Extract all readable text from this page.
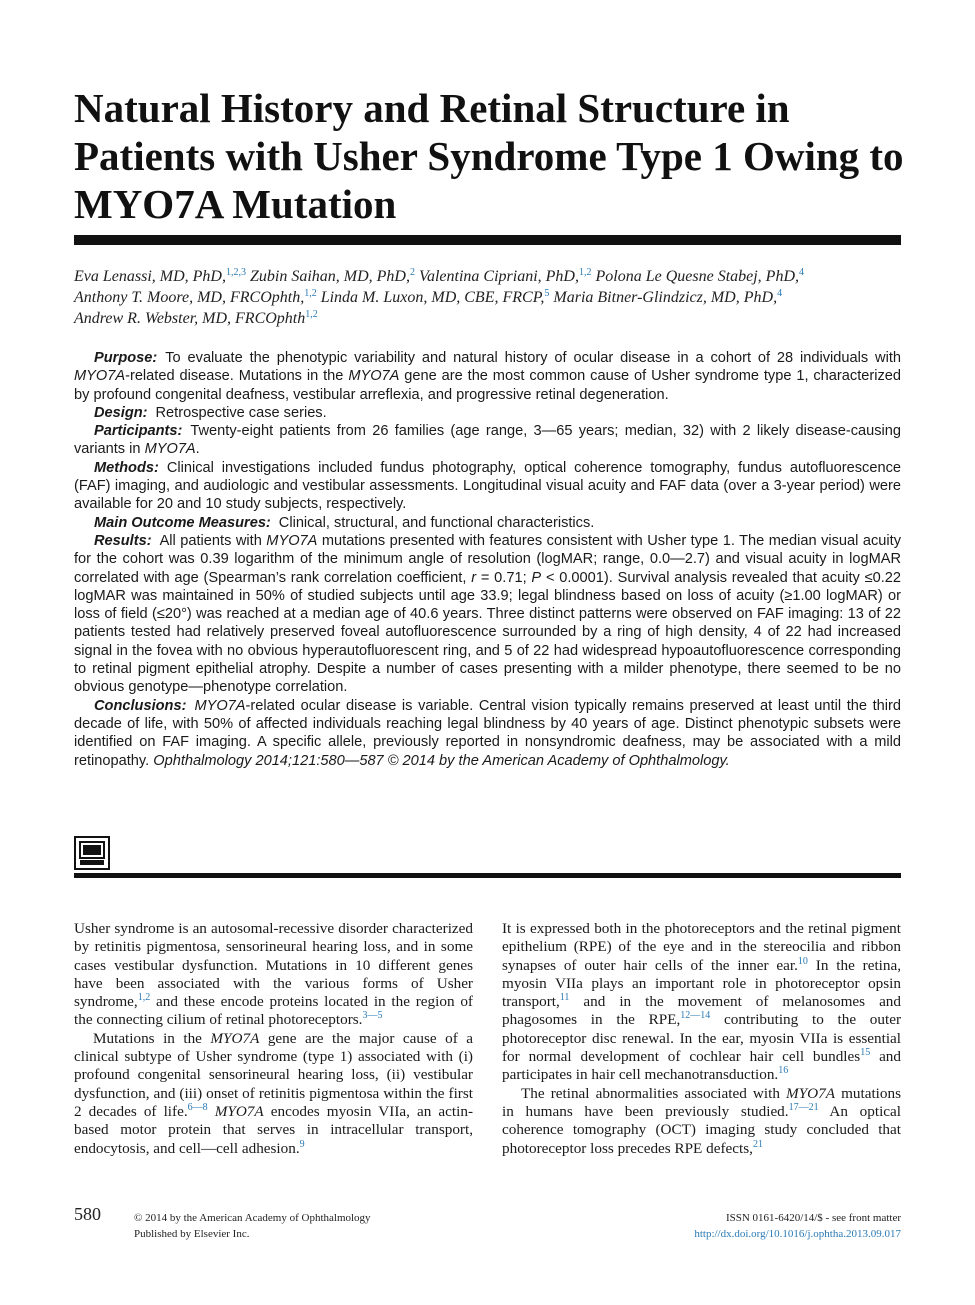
Natural History and Retinal Structure in Patients with Usher Syndrome Type 1 Owing to MYO7A Mutation
Eva Lenassi, MD, PhD,$^{1,2,3}$ Zubin Saihan, MD, PhD,$^2$ Valentina Cipriani, PhD,$^{1,2}$ Polona Le Quesne Stabej, PhD,$^4$ Anthony T. Moore, MD, FRCOphth,$^{1,2}$ Linda M. Luxon, MD, CBE, FRCP,$^5$ Maria Bitner-Glindzicz, MD, PhD,$^4$ Andrew R. Webster, MD, FRCOphth$^{1,2}$

Purpose: To evaluate the phenotypic variability and natural history of ocular disease in a cohort of 28 individuals with MYO7A-related disease. Mutations in the MYO7A gene are the most common cause of Usher syndrome type 1, characterized by profound congenital deafness, vestibular arreflexia, and progressive retinal degeneration.

Design: Retrospective case series.

Participants: Twenty-eight patients from 26 families (age range, 3—65 years; median, 32) with 2 likely disease-causing variants in MYO7A.

Methods: Clinical investigations included fundus photography, optical coherence tomography, fundus autofluorescence (FAF) imaging, and audiologic and vestibular assessments. Longitudinal visual acuity and FAF data (over a 3-year period) were available for 20 and 10 study subjects, respectively.

Main Outcome Measures: Clinical, structural, and functional characteristics.

Results: All patients with MYO7A mutations presented with features consistent with Usher type 1. The median visual acuity for the cohort was 0.39 logarithm of the minimum angle of resolution (logMAR; range, 0.0—2.7) and visual acuity in logMAR correlated with age (Spearman’s rank correlation coefficient, r = 0.71; P < 0.0001). Survival analysis revealed that acuity ≤0.22 logMAR was maintained in 50% of studied subjects until age 33.9; legal blindness based on loss of acuity (≥1.00 logMAR) or loss of field (≤20°) was reached at a median age of 40.6 years. Three distinct patterns were observed on FAF imaging: 13 of 22 patients tested had relatively preserved foveal autofluorescence surrounded by a ring of high density, 4 of 22 had increased signal in the fovea with no obvious hyperautofluorescent ring, and 5 of 22 had widespread hypoautofluorescence corresponding to retinal pigment epithelial atrophy. Despite a number of cases presenting with a milder phenotype, there seemed to be no obvious genotype—phenotype correlation.

Conclusions: MYO7A-related ocular disease is variable. Central vision typically remains preserved at least until the third decade of life, with 50% of affected individuals reaching legal blindness by 40 years of age. Distinct phenotypic subsets were identified on FAF imaging. A specific allele, previously reported in nonsyndromic deafness, may be associated with a mild retinopathy. Ophthalmology 2014;121:580—587 © 2014 by the American Academy of Ophthalmology.

Usher syndrome is an autosomal-recessive disorder characterized by retinitis pigmentosa, sensorineural hearing loss, and in some cases vestibular dysfunction. Mutations in 10 different genes have been associated with the various forms of Usher syndrome,$^{1,2}$ and these encode proteins located in the region of the connecting cilium of retinal photoreceptors.$^{3—5}$

Mutations in the MYO7A gene are the major cause of a clinical subtype of Usher syndrome (type 1) associated with (i) profound congenital sensorineural hearing loss, (ii) vestibular dysfunction, and (iii) onset of retinitis pigmentosa within the first 2 decades of life.$^{6—8}$ MYO7A encodes myosin VIIa, an actin-based motor protein that serves in intracellular transport, endocytosis, and cell—cell adhesion.$^9$

It is expressed both in the photoreceptors and the retinal pigment epithelium (RPE) of the eye and in the stereocilia and ribbon synapses of outer hair cells of the inner ear.$^{10}$ In the retina, myosin VIIa plays an important role in photoreceptor opsin transport,$^{11}$ and in the movement of melanosomes and phagosomes in the RPE,$^{12—14}$ contributing to the outer photoreceptor disc renewal. In the ear, myosin VIIa is essential for normal development of cochlear hair cell bundles$^{15}$ and participates in hair cell mechanotransduction.$^{16}$

The retinal abnormalities associated with MYO7A mutations in humans have been previously studied.$^{17—21}$ An optical coherence tomography (OCT) imaging study concluded that photoreceptor loss precedes RPE defects,$^{21}$

580	© 2014 by the American Academy of Ophthalmology
Published by Elsevier Inc.
ISSN 0161-6420/14/$ - see front matter
http://dx.doi.org/10.1016/j.ophtha.2013.09.017
